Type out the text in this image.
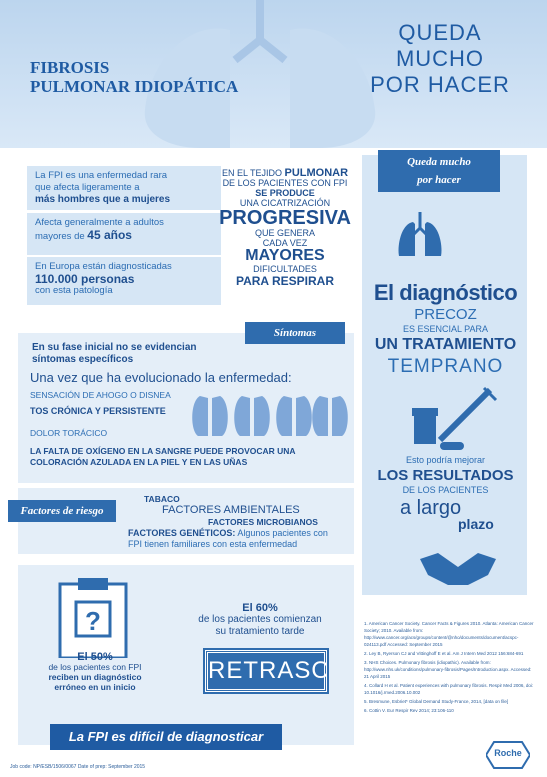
FIBROSIS
PULMONAR IDIOPÁTICA
QUEDA
MUCHO
POR HACER
La FPI es una enfermedad rara
que afecta ligeramente a
más hombres que a mujeres
Afecta generalmente a adultos
mayores de 45 años
En Europa están diagnosticadas
110.000 personas
con esta patología
EN EL TEJIDO PULMONAR
DE LOS PACIENTES CON FPI
SE PRODUCE
UNA CICATRIZACIÓN
PROGRESIVA
QUE GENERA
CADA VEZ
MAYORES
DIFICULTADES
PARA RESPIRAR
Síntomas
En su fase inicial no se evidencian
síntomas específicos
Una vez que ha evolucionado la enfermedad:
SENSACIÓN DE AHOGO O DISNEA
TOS CRÓNICA Y PERSISTENTE
DOLOR TORÁCICO
LA FALTA DE OXÍGENO EN LA SANGRE PUEDE PROVOCAR UNA
COLORACIÓN AZULADA EN LA PIEL Y EN LAS UÑAS
Factores de riesgo
TABACO
FACTORES AMBIENTALES
FACTORES MICROBIANOS
FACTORES GENÉTICOS: Algunos pacientes con
FPI tienen familiares con esta enfermedad
?
El 50%
de los pacientes con FPI
reciben un diagnóstico
erróneo en un inicio
El 60%
de los pacientes comienzan
su tratamiento tarde
RETRASO
La FPI es difícil de diagnosticar
Queda mucho
por hacer
El diagnóstico
PRECOZ
ES ESENCIAL PARA
UN TRATAMIENTO
TEMPRANO
Esto podría mejorar
LOS RESULTADOS
DE LOS PACIENTES
a largo
plazo
1. American Cancer Society. Cancer Facts & Figures 2010. Atlanta: American Cancer Society; 2010. Available from: http://www.cancer.org/acs/groups/content/@nho/documents/document/acspc-024113.pdf Accessed: September 2015
2. Ley B, Ryerson CJ and Vittinghoff E et al. Am J Intern Med 2012 156:684-691
3. NHS Choices. Pulmonary fibrosis (idiopathic). Available from: http://www.nhs.uk/conditions/pulmonary-fibrosis/Pages/Introduction.aspx. Accessed: 21 April 2015
4. Collard H et al. Patient experiences with pulmonary fibrosis. Respir Med 2006, doi: 10.1016/j.rmed.2006.10.002
5. Bresmune, Esbriet* Global Demand Study-France, 2014, [data on file]
6. Cottin V. Eur Respir Rev 2014; 23:106-110
Job code: NP/ESB/1506/0067 Date of prep: September 2015
Roche
